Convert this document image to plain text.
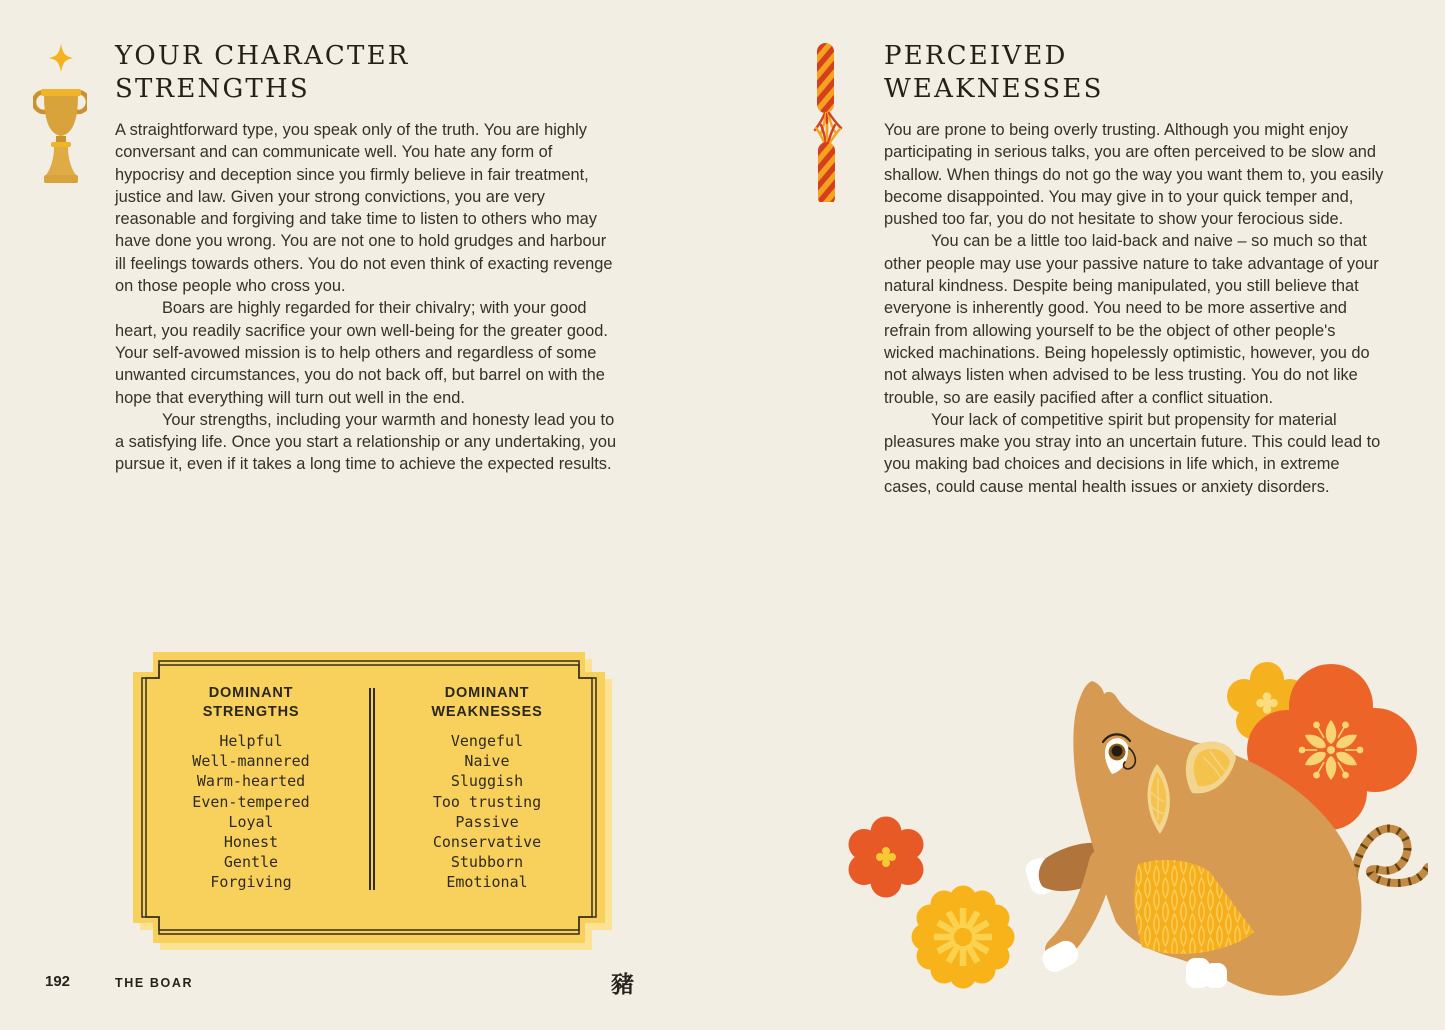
YOUR CHARACTER
STRENGTHS

A straightforward type, you speak only of the truth. You are highly conversant and can communicate well. You hate any form of hypocrisy and deception since you firmly believe in fair treatment, justice and law. Given your strong convictions, you are very reasonable and forgiving and take time to listen to others who may have done you wrong. You are not one to hold grudges and harbour ill feelings towards others. You do not even think of exacting revenge on those people who cross you.

Boars are highly regarded for their chivalry; with your good heart, you readily sacrifice your own well-being for the greater good. Your self-avowed mission is to help others and regardless of some unwanted circumstances, you do not back off, but barrel on with the hope that everything will turn out well in the end.

Your strengths, including your warmth and honesty lead you to a satisfying life. Once you start a relationship or any undertaking, you pursue it, even if it takes a long time to achieve the expected results.

PERCEIVED
WEAKNESSES

You are prone to being overly trusting. Although you might enjoy participating in serious talks, you are often perceived to be slow and shallow. When things do not go the way you want them to, you easily become disappointed. You may give in to your quick temper and, pushed too far, you do not hesitate to show your ferocious side.

You can be a little too laid-back and naive – so much so that other people may use your passive nature to take advantage of your natural kindness. Despite being manipulated, you still believe that everyone is inherently good. You need to be more assertive and refrain from allowing yourself to be the object of other people's wicked machinations. Being hopelessly optimistic, however, you do not always listen when advised to be less trusting. You do not like trouble, so are easily pacified after a conflict situation.

Your lack of competitive spirit but propensity for material pleasures make you stray into an uncertain future. This could lead to you making bad choices and decisions in life which, in extreme cases, could cause mental health issues or anxiety disorders.

DOMINANT
STRENGTHS
Helpful
Well-mannered
Warm-hearted
Even-tempered
Loyal
Honest
Gentle
Forgiving
DOMINANT
WEAKNESSES
Vengeful
Naive
Sluggish
Too trusting
Passive
Conservative
Stubborn
Emotional
192	THE BOAR	豬
